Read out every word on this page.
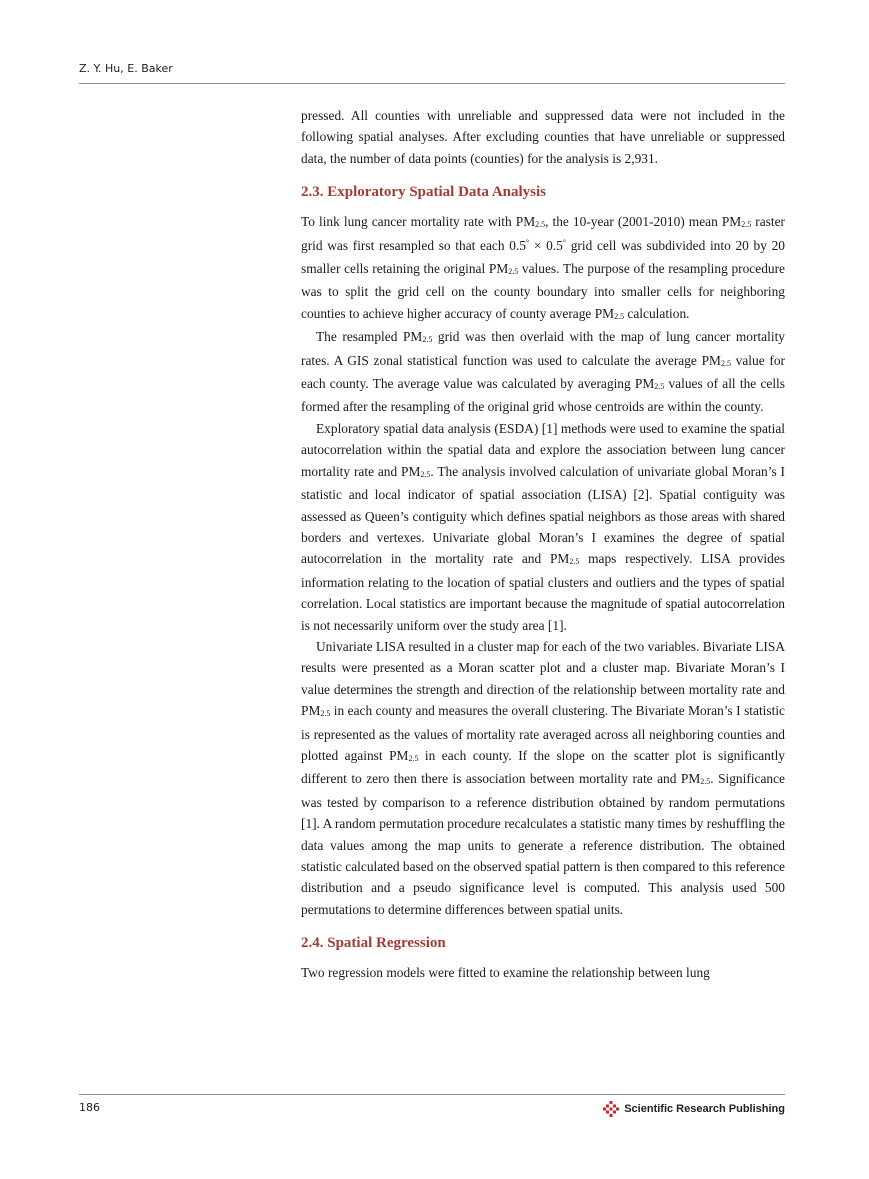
Z. Y. Hu, E. Baker

pressed. All counties with unreliable and suppressed data were not included in the following spatial analyses. After excluding counties that have unreliable or suppressed data, the number of data points (counties) for the analysis is 2,931.

2.3. Exploratory Spatial Data Analysis

To link lung cancer mortality rate with $PM_{2.5}$, the 10-year (2001-2010) mean $PM_{2.5}$ raster grid was first resampled so that each 0.5° × 0.5° grid cell was subdivided into 20 by 20 smaller cells retaining the original $PM_{2.5}$ values. The purpose of the resampling procedure was to split the grid cell on the county boundary into smaller cells for neighboring counties to achieve higher accuracy of county average $PM_{2.5}$ calculation.

The resampled $PM_{2.5}$ grid was then overlaid with the map of lung cancer mortality rates. A GIS zonal statistical function was used to calculate the average $PM_{2.5}$ value for each county. The average value was calculated by averaging $PM_{2.5}$ values of all the cells formed after the resampling of the original grid whose centroids are within the county.

Exploratory spatial data analysis (ESDA) [1] methods were used to examine the spatial autocorrelation within the spatial data and explore the association between lung cancer mortality rate and $PM_{2.5}$. The analysis involved calculation of univariate global Moran’s I statistic and local indicator of spatial association (LISA) [2]. Spatial contiguity was assessed as Queen’s contiguity which defines spatial neighbors as those areas with shared borders and vertexes. Univariate global Moran’s I examines the degree of spatial autocorrelation in the mortality rate and $PM_{2.5}$ maps respectively. LISA provides information relating to the location of spatial clusters and outliers and the types of spatial correlation. Local statistics are important because the magnitude of spatial autocorrelation is not necessarily uniform over the study area [1].

Univariate LISA resulted in a cluster map for each of the two variables. Bivariate LISA results were presented as a Moran scatter plot and a cluster map. Bivariate Moran’s I value determines the strength and direction of the relationship between mortality rate and $PM_{2.5}$ in each county and measures the overall clustering. The Bivariate Moran’s I statistic is represented as the values of mortality rate averaged across all neighboring counties and plotted against $PM_{2.5}$ in each county. If the slope on the scatter plot is significantly different to zero then there is association between mortality rate and $PM_{2.5}$. Significance was tested by comparison to a reference distribution obtained by random permutations [1]. A random permutation procedure recalculates a statistic many times by reshuffling the data values among the map units to generate a reference distribution. The obtained statistic calculated based on the observed spatial pattern is then compared to this reference distribution and a pseudo significance level is computed. This analysis used 500 permutations to determine differences between spatial units.

2.4. Spatial Regression

Two regression models were fitted to examine the relationship between lung

186	Scientific Research Publishing
